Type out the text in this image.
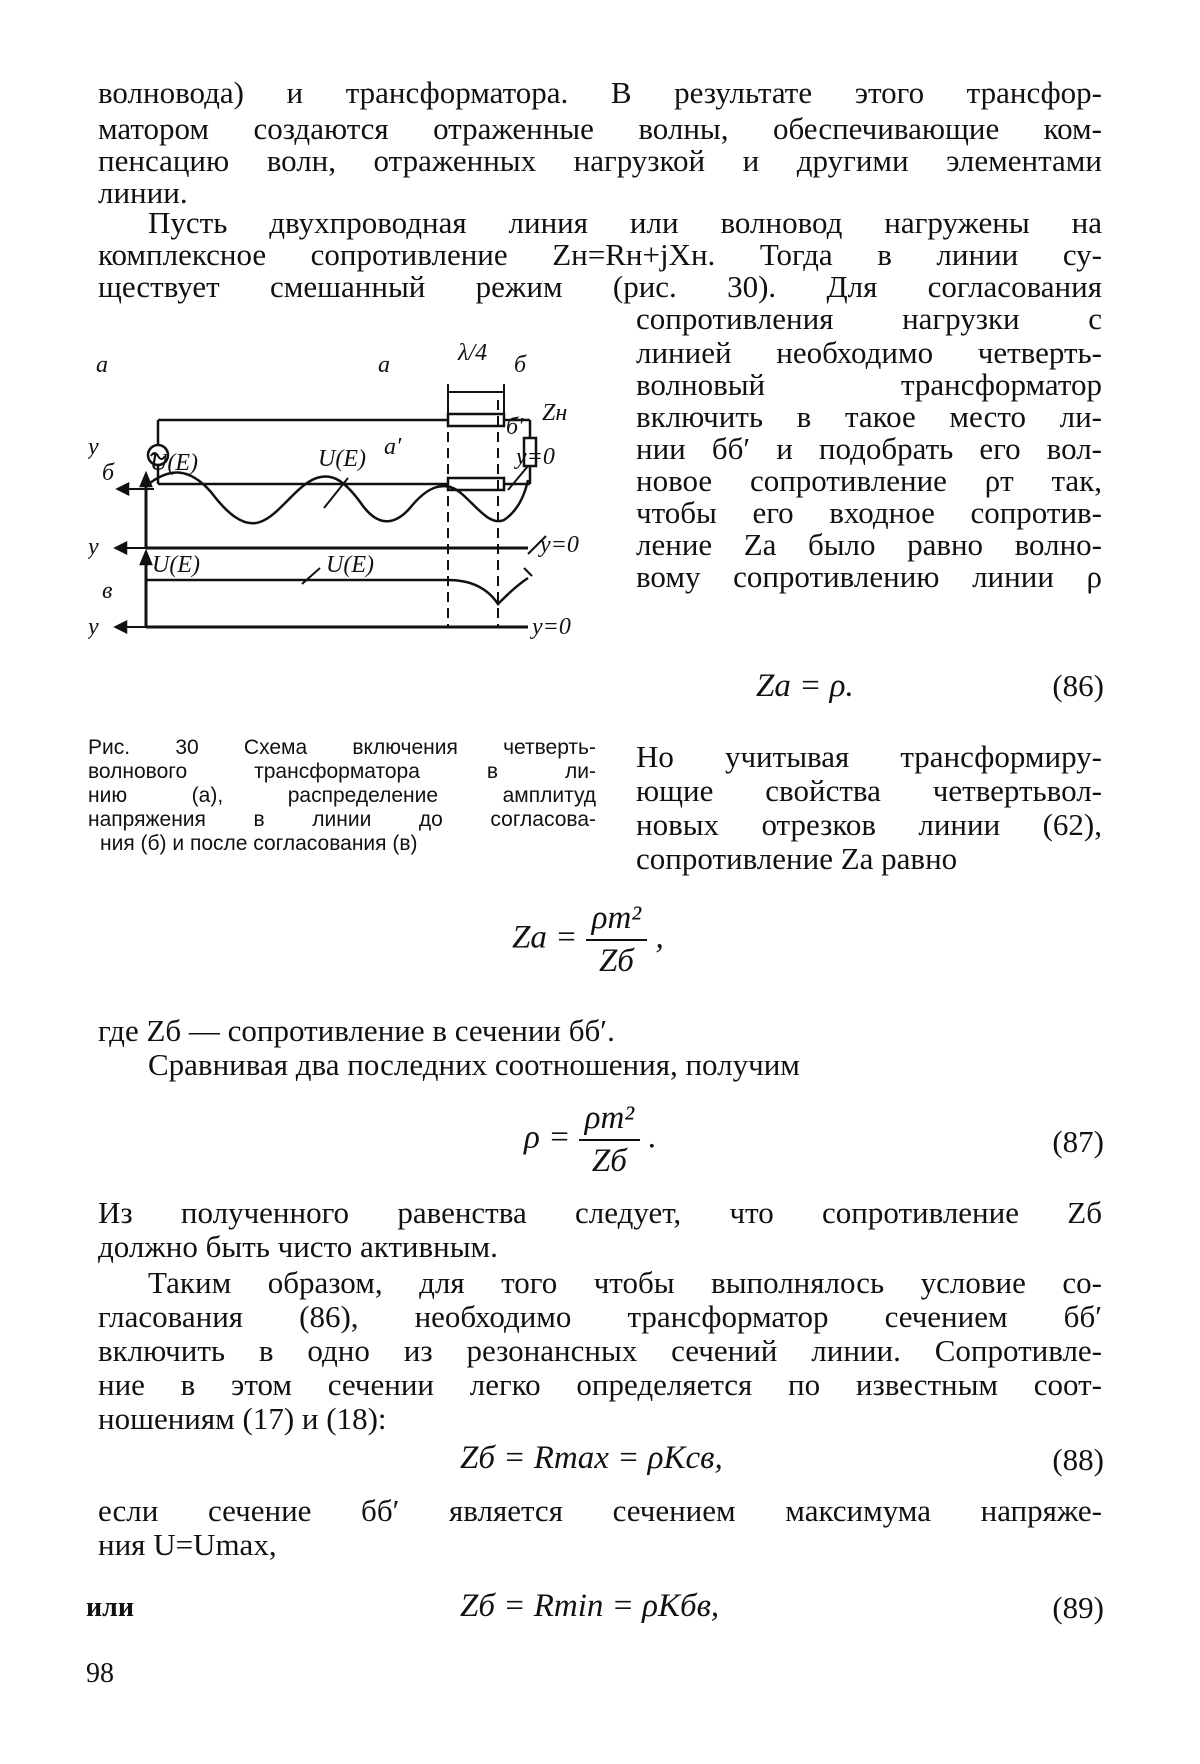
волновода) и трансформатора. В результате этого трансфор-
матором создаются отраженные волны, обеспечивающие ком-
пенсацию волн, отраженных нагрузкой и другими элементами
линии.
Пусть двухпроводная линия или волновод нагружены на
комплексное сопротивление Zн=Rн+jXн. Тогда в линии су-
ществует смешанный режим (рис. 30). Для согласования
сопротивления нагрузки с
линией необходимо четверть-
волновый трансформатор
включить в такое место ли-
нии бб′ и подобрать его вол-
новое сопротивление ρт так,
чтобы его входное сопротив-
ление Zа было равно волно-
вому сопротивлению линии ρ
Zа = ρ.	(86)
Но учитывая трансформиру-
ющие свойства четвертьвол-
новых отрезков линии (62),
сопротивление Zа равно
а	а	λ/4 б
Zн
б′
а′
U(E)	у=0
у
б U(E)
у	у=0
U(E)	U(E)
в
у	у=0
Рис. 30 Схема включения четверть-
волнового трансформатора в ли-
нию (а), распределение амплитуд
напряжения в линии до согласова-
ния (б) и после согласования (в)
Zа = $\frac{\text{ρт²}}{Zб}$ ,
где Zб — сопротивление в сечении бб′.
Сравнивая два последних соотношения, получим
$\rho = \frac{\text{ρт²}}{Zб}$ .	(87)
Из полученного равенства следует, что сопротивление Zб
должно быть чисто активным.
Таким образом, для того чтобы выполнялось условие со-
гласования (86), необходимо трансформатор сечением бб′
включить в одно из резонансных сечений линии. Сопротивле-
ние в этом сечении легко определяется по известным соот-
ношениям (17) и (18):
Zб = Rmax = ρKсв,	(88)
если сечение бб′ является сечением максимума напряже-
ния U=Umax,
или	Zб = Rmin = ρKбв,	(89)
98
